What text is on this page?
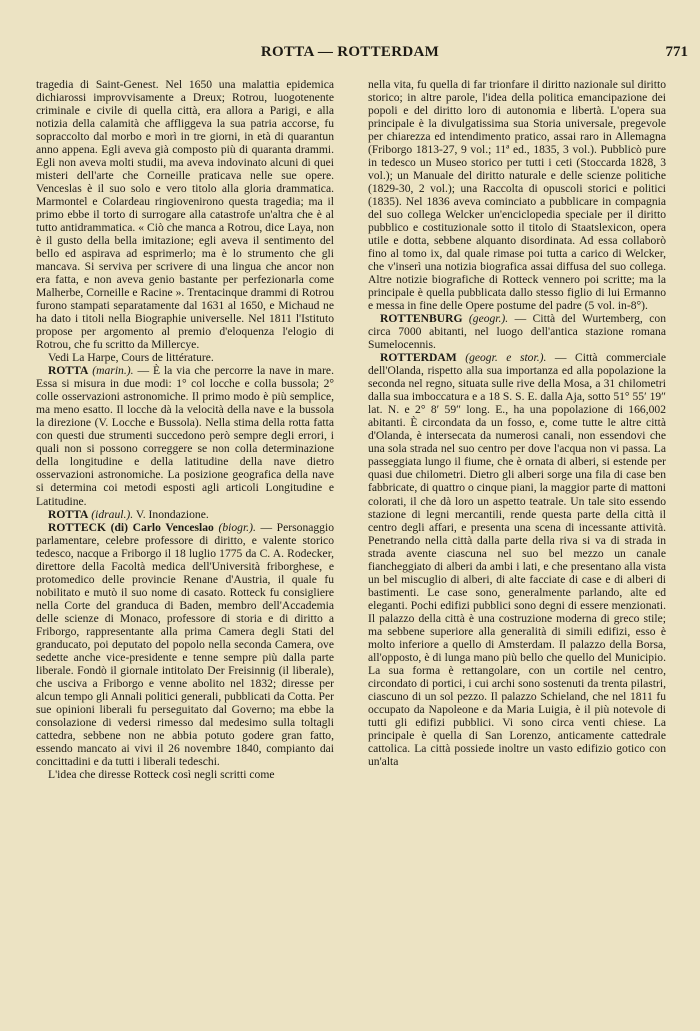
ROTTA — ROTTERDAM	771

tragedia di Saint-Genest. Nel 1650 una malattia epidemica dichiarossi improvvisamente a Dreux; Rotrou, luogotenente criminale e civile di quella città, era allora a Parigi, e alla notizia della calamità che affliggeva la sua patria accorse, fu sopraccolto dal morbo e morì in tre giorni, in età di quarantun anno appena. Egli aveva già composto più di quaranta drammi. Egli non aveva molti studii, ma aveva indovinato alcuni di quei misteri dell'arte che Corneille praticava nelle sue opere. Venceslas è il suo solo e vero titolo alla gloria drammatica. Marmontel e Colardeau ringiovenirono questa tragedia; ma il primo ebbe il torto di surrogare alla catastrofe un'altra che è al tutto antidrammatica. « Ciò che manca a Rotrou, dice Laya, non è il gusto della bella imitazione; egli aveva il sentimento del bello ed aspirava ad esprimerlo; ma è lo strumento che gli mancava. Si serviva per scrivere di una lingua che ancor non era fatta, e non aveva genio bastante per perfezionarla come Malherbe, Corneille e Racine ». Trentacinque drammi di Rotrou furono stampati separatamente dal 1631 al 1650, e Michaud ne ha dato i titoli nella Biographie universelle. Nel 1811 l'Istituto propose per argomento al premio d'eloquenza l'elogio di Rotrou, che fu scritto da Millercye.

Vedi La Harpe, Cours de littérature.

ROTTA (marin.). — È la via che percorre la nave in mare. Essa si misura in due modi: 1° col locche e colla bussola; 2° colle osservazioni astronomiche. Il primo modo è più semplice, ma meno esatto. Il locche dà la velocità della nave e la bussola la direzione (V. Locche e Bussola). Nella stima della rotta fatta con questi due strumenti succedono però sempre degli errori, i quali non si possono correggere se non colla determinazione della longitudine e della latitudine della nave dietro osservazioni astronomiche. La posizione geografica della nave si determina coi metodi esposti agli articoli Longitudine e Latitudine.

ROTTA (idraul.). V. Inondazione.

ROTTECK (di) Carlo Venceslao (biogr.). — Personaggio parlamentare, celebre professore di diritto, e valente storico tedesco, nacque a Friborgo il 18 luglio 1775 da C. A. Rodecker, direttore della Facoltà medica dell'Università friborghese, e protomedico delle provincie Renane d'Austria, il quale fu nobilitato e mutò il suo nome di casato. Rotteck fu consigliere nella Corte del granduca di Baden, membro dell'Accademia delle scienze di Monaco, professore di storia e di diritto a Friborgo, rappresentante alla prima Camera degli Stati del granducato, poi deputato del popolo nella seconda Camera, ove sedette anche vice-presidente e tenne sempre più dalla parte liberale. Fondò il giornale intitolato Der Freisinnig (il liberale), che usciva a Friborgo e venne abolito nel 1832; diresse per alcun tempo gli Annali politici generali, pubblicati da Cotta. Per sue opinioni liberali fu perseguitato dal Governo; ma ebbe la consolazione di vedersi rimesso dal medesimo sulla toltagli cattedra, sebbene non ne abbia potuto godere gran fatto, essendo mancato ai vivi il 26 novembre 1840, compianto dai concittadini e da tutti i liberali tedeschi.

L'idea che diresse Rotteck così negli scritti come

nella vita, fu quella di far trionfare il diritto nazionale sul diritto storico; in altre parole, l'idea della politica emancipazione dei popoli e del diritto loro di autonomia e libertà. L'opera sua principale è la divulgatissima sua Storia universale, pregevole per chiarezza ed intendimento pratico, assai raro in Allemagna (Friborgo 1813-27, 9 vol.; 11ª ed., 1835, 3 vol.). Pubblicò pure in tedesco un Museo storico per tutti i ceti (Stoccarda 1828, 3 vol.); un Manuale del diritto naturale e delle scienze politiche (1829-30, 2 vol.); una Raccolta di opuscoli storici e politici (1835). Nel 1836 aveva cominciato a pubblicare in compagnia del suo collega Welcker un'enciclopedia speciale per il diritto pubblico e costituzionale sotto il titolo di Staatslexicon, opera utile e dotta, sebbene alquanto disordinata. Ad essa collaborò fino al tomo ix, dal quale rimase poi tutta a carico di Welcker, che v'inserì una notizia biografica assai diffusa del suo collega. Altre notizie biografiche di Rotteck vennero poi scritte; ma la principale è quella pubblicata dallo stesso figlio di lui Ermanno e messa in fine delle Opere postume del padre (5 vol. in-8°).

ROTTENBURG (geogr.). — Città del Wurtemberg, con circa 7000 abitanti, nel luogo dell'antica stazione romana Sumelocennis.

ROTTERDAM (geogr. e stor.). — Città commerciale dell'Olanda, rispetto alla sua importanza ed alla popolazione la seconda nel regno, situata sulle rive della Mosa, a 31 chilometri dalla sua imboccatura e a 18 S. S. E. dalla Aja, sotto 51° 55′ 19″ lat. N. e 2° 8′ 59″ long. E., ha una popolazione di 166,002 abitanti. È circondata da un fosso, e, come tutte le altre città d'Olanda, è intersecata da numerosi canali, non essendovi che una sola strada nel suo centro per dove l'acqua non vi passa. La passeggiata lungo il fiume, che è ornata di alberi, si estende per quasi due chilometri. Dietro gli alberi sorge una fila di case ben fabbricate, di quattro o cinque piani, la maggior parte di mattoni colorati, il che dà loro un aspetto teatrale. Un tale sito essendo stazione di legni mercantili, rende questa parte della città il centro degli affari, e presenta una scena di incessante attività. Penetrando nella città dalla parte della riva si va di strada in strada avente ciascuna nel suo bel mezzo un canale fiancheggiato di alberi da ambi i lati, e che presentano alla vista un bel miscuglio di alberi, di alte facciate di case e di alberi di bastimenti. Le case sono, generalmente parlando, alte ed eleganti. Pochi edifizi pubblici sono degni di essere menzionati. Il palazzo della città è una costruzione moderna di greco stile; ma sebbene superiore alla generalità di simili edifizi, esso è molto inferiore a quello di Amsterdam. Il palazzo della Borsa, all'opposto, è di lunga mano più bello che quello del Municipio. La sua forma è rettangolare, con un cortile nel centro, circondato di portici, i cui archi sono sostenuti da trenta pilastri, ciascuno di un sol pezzo. Il palazzo Schieland, che nel 1811 fu occupato da Napoleone e da Maria Luigia, è il più notevole di tutti gli edifizi pubblici. Vi sono circa venti chiese. La principale è quella di San Lorenzo, anticamente cattedrale cattolica. La città possiede inoltre un vasto edifizio gotico con un'alta
